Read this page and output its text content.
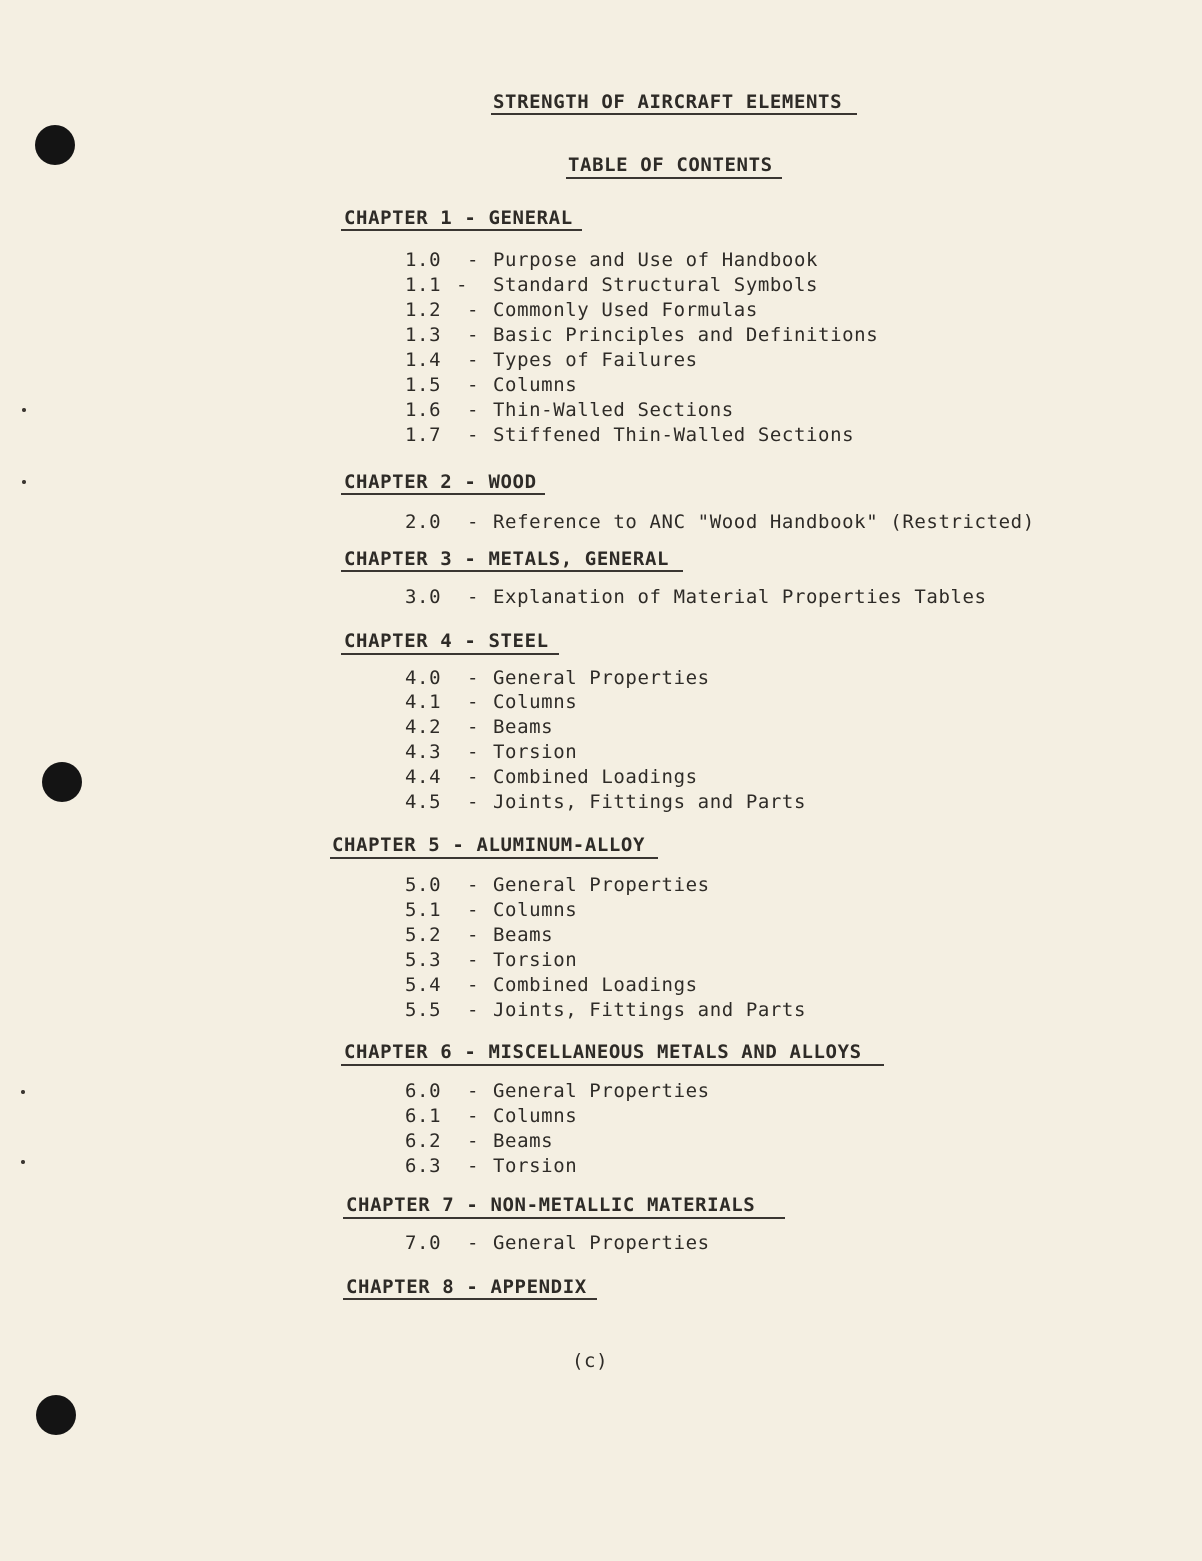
STRENGTH OF AIRCRAFT ELEMENTS
TABLE OF CONTENTS
CHAPTER 1 - GENERAL
1.0 - Purpose and Use of Handbook
1.1 - Standard Structural Symbols
1.2 - Commonly Used Formulas
1.3 - Basic Principles and Definitions
1.4 - Types of Failures
1.5 - Columns
1.6 - Thin-Walled Sections
1.7 - Stiffened Thin-Walled Sections
CHAPTER 2 - WOOD
2.0 - Reference to ANC "Wood Handbook" (Restricted)
CHAPTER 3 - METALS, GENERAL
3.0 - Explanation of Material Properties Tables
CHAPTER 4 - STEEL
4.0 - General Properties
4.1 - Columns
4.2 - Beams
4.3 - Torsion
4.4 - Combined Loadings
4.5 - Joints, Fittings and Parts
CHAPTER 5 - ALUMINUM-ALLOY
5.0 - General Properties
5.1 - Columns
5.2 - Beams
5.3 - Torsion
5.4 - Combined Loadings
5.5 - Joints, Fittings and Parts
CHAPTER 6 - MISCELLANEOUS METALS AND ALLOYS
6.0 - General Properties
6.1 - Columns
6.2 - Beams
6.3 - Torsion
CHAPTER 7 - NON-METALLIC MATERIALS
7.0 - General Properties
CHAPTER 8 - APPENDIX
(c)
